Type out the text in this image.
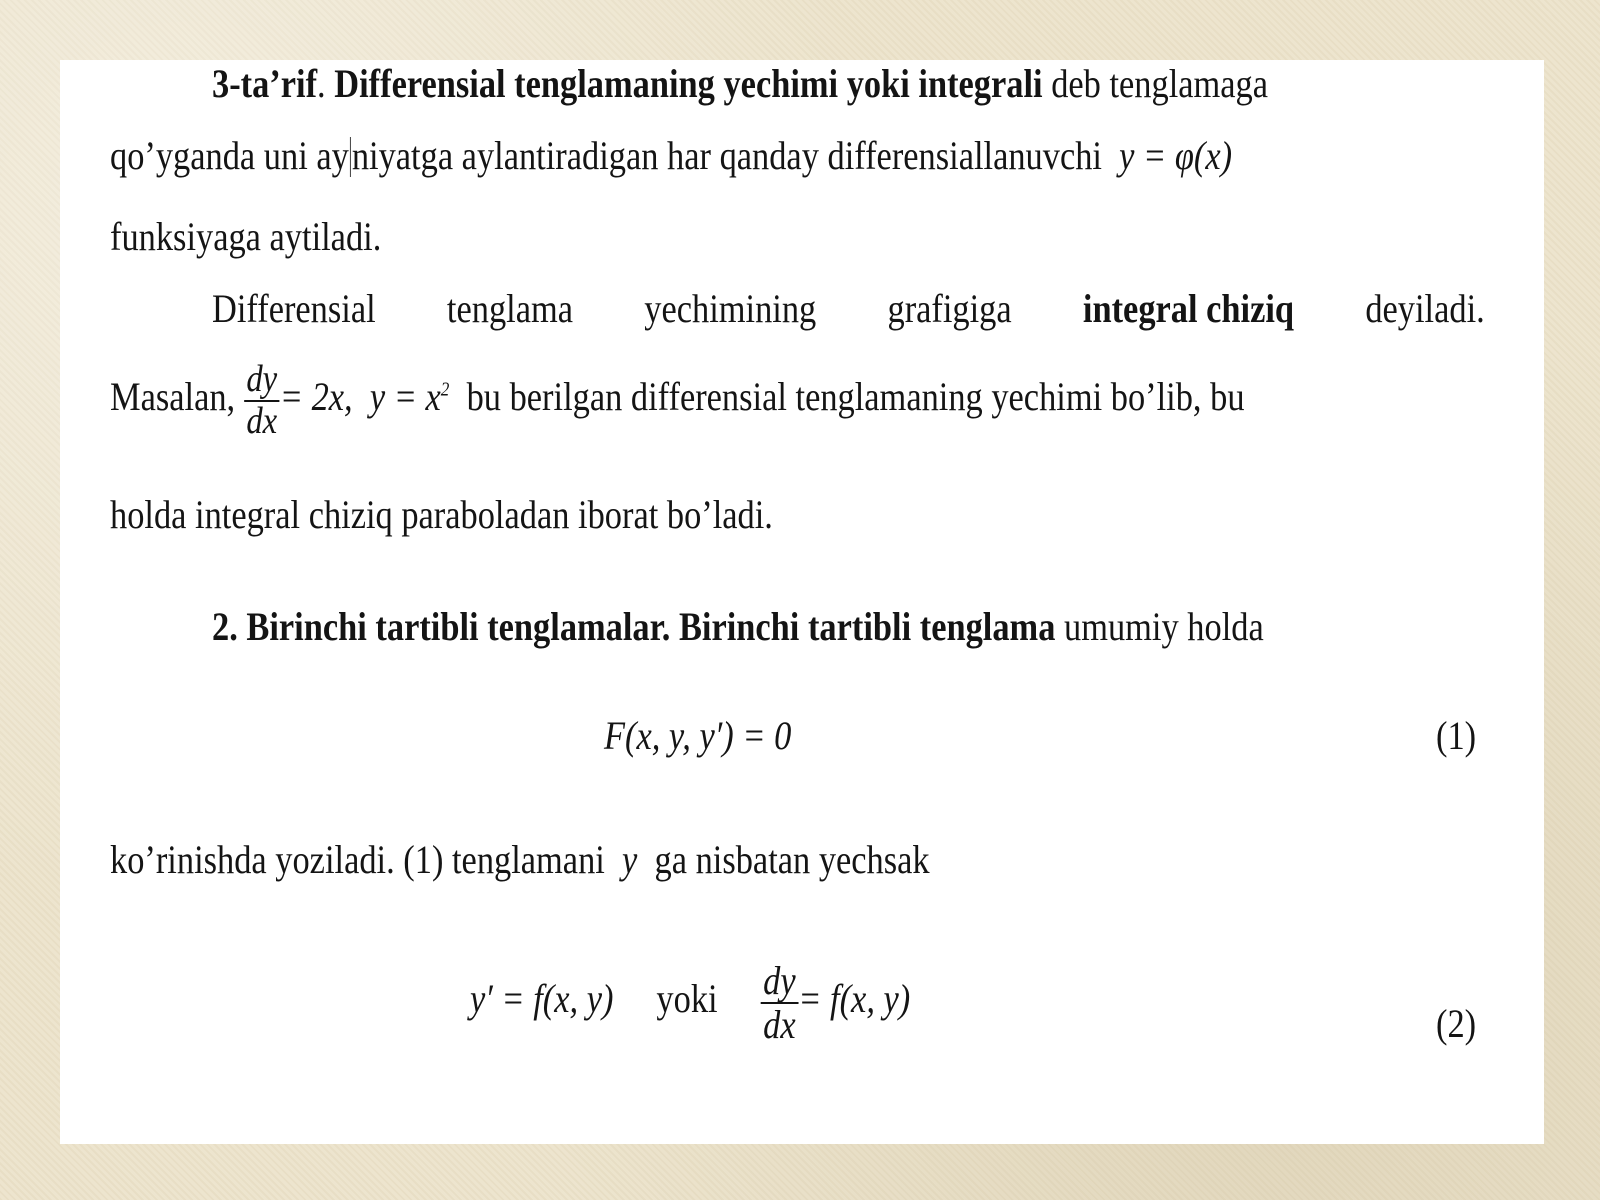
3-ta’rif. Differensial tenglamaning yechimi yoki integrali deb tenglamaga

qo’yganda uni ayniyatga aylantiradigan har qanday differensiallanuvchi y = φ(x)

funksiyaga aytiladi.

Differensial tenglama yechimining grafigiga integral chiziq deyiladi.

Masalan, $\frac{dy}{dx} = 2x$, $y = x^2$ bu berilgan differensial tenglamaning yechimi bo’lib, bu

holda integral chiziq paraboladan iborat bo’ladi.

2. Birinchi tartibli tenglamalar. Birinchi tartibli tenglama umumiy holda

F(x, y, y′) = 0	(1)

ko’rinishda yoziladi. (1) tenglamani y ga nisbatan yechsak

y′ = f(x, y) yoki $\frac{dy}{dx} = f(x$, y)

(2)
